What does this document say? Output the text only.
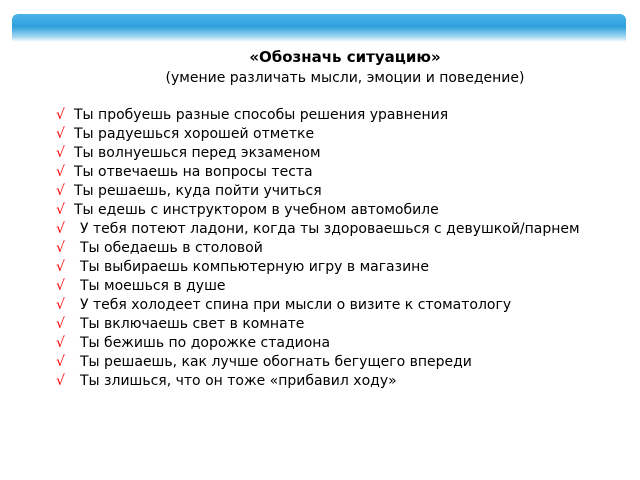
«Обозначь ситуацию»
(умение различать мысли, эмоции и поведение)
√ Ты пробуешь разные способы решения уравнения
√ Ты радуешься хорошей отметке
√ Ты волнуешься перед экзаменом
√ Ты отвечаешь на вопросы теста
√ Ты решаешь, куда пойти учиться
√ Ты едешь с инструктором в учебном автомобиле
√ У тебя потеют ладони, когда ты здороваешься с девушкой/парнем
√ Ты обедаешь в столовой
√ Ты выбираешь компьютерную игру в магазине
√ Ты моешься в душе
√ У тебя холодеет спина при мысли о визите к стоматологу
√ Ты включаешь свет в комнате
√ Ты бежишь по дорожке стадиона
√ Ты решаешь, как лучше обогнать бегущего впереди
√ Ты злишься, что он тоже «прибавил ходу»
